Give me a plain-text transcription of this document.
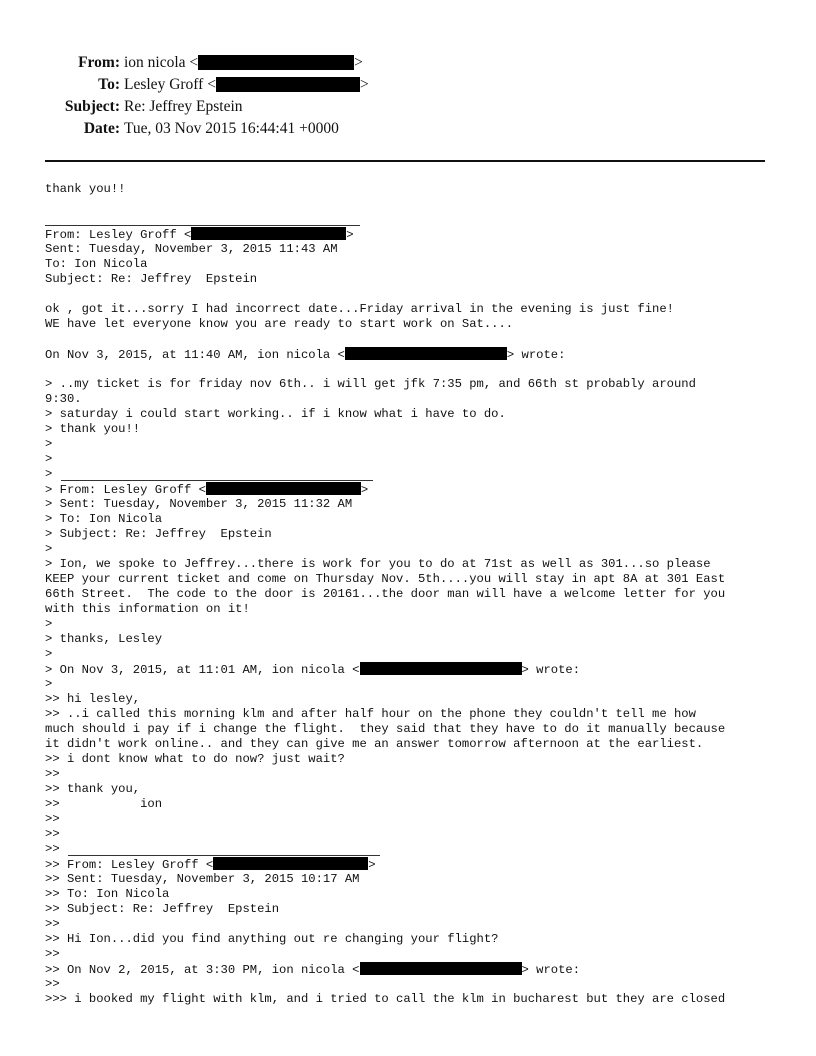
From: ion nicola <	>
To: Lesley Groff <	>
Subject: Re: Jeffrey Epstein
Date: Tue, 03 Nov 2015 16:44:41 +0000
thank you!!
From: Lesley Groff <	>
Sent: Tuesday, November 3, 2015 11:43 AM
To: Ion Nicola
Subject: Re: Jeffrey  Epstein
ok , got it...sorry I had incorrect date...Friday arrival in the evening is just fine!
WE have let everyone know you are ready to start work on Sat....
On Nov 3, 2015, at 11:40 AM, ion nicola <	> wrote:
> ..my ticket is for friday nov 6th.. i will get jfk 7:35 pm, and 66th st probably around
9:30.
> saturday i could start working.. if i know what i have to do.
> thank you!!
>
>
>
> From: Lesley Groff <	>
> Sent: Tuesday, November 3, 2015 11:32 AM
> To: Ion Nicola
> Subject: Re: Jeffrey  Epstein
>
> Ion, we spoke to Jeffrey...there is work for you to do at 71st as well as 301...so please
KEEP your current ticket and come on Thursday Nov. 5th....you will stay in apt 8A at 301 East
66th Street.  The code to the door is 20161...the door man will have a welcome letter for you
with this information on it!
>
> thanks, Lesley
>
> On Nov 3, 2015, at 11:01 AM, ion nicola <	> wrote:
>
>> hi lesley,
>> ..i called this morning klm and after half hour on the phone they couldn't tell me how
much should i pay if i change the flight.  they said that they have to do it manually because
it didn't work online.. and they can give me an answer tomorrow afternoon at the earliest.
>> i dont know what to do now? just wait?
>>
>> thank you,
>>           ion
>>
>>
>>
>> From: Lesley Groff <	>
>> Sent: Tuesday, November 3, 2015 10:17 AM
>> To: Ion Nicola
>> Subject: Re: Jeffrey  Epstein
>>
>> Hi Ion...did you find anything out re changing your flight?
>>
>> On Nov 2, 2015, at 3:30 PM, ion nicola <	> wrote:
>>
>>> i booked my flight with klm, and i tried to call the klm in bucharest but they are closed
